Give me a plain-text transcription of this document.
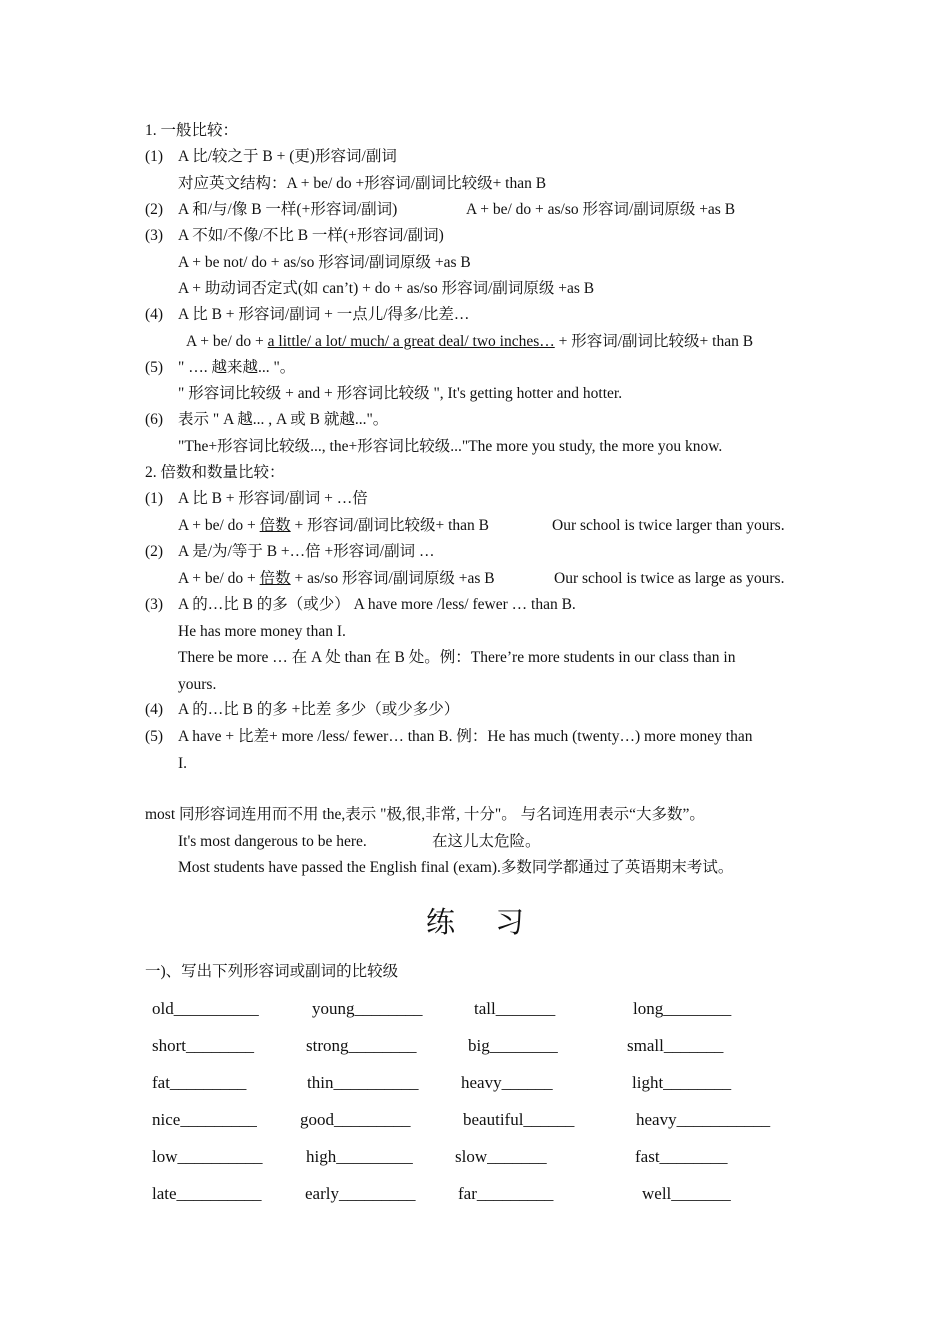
1. 一般比较：
(1) A 比/较之于 B + (更)形容词/副词
对应英文结构：A + be/ do +形容词/副词比较级+ than B
(2) A 和/与/像 B 一样(+形容词/副词)	A + be/ do + as/so 形容词/副词原级 +as B
(3) A 不如/不像/不比 B 一样(+形容词/副词)
A + be not/ do + as/so 形容词/副词原级 +as B
A + 助动词否定式(如 can’t) + do + as/so 形容词/副词原级 +as B
(4) A 比 B + 形容词/副词 + 一点儿/得多/比差…
A + be/ do + a little/ a lot/ much/ a great deal/ two inches… + 形容词/副词比较级+ than B
(5) " …. 越来越... "。
" 形容词比较级 + and + 形容词比较级 ", It's getting hotter and hotter.
(6) 表示 " A 越... , A 或 B 就越..."。
"The+形容词比较级..., the+形容词比较级..."The more you study, the more you know.
2. 倍数和数量比较：
(1) A 比 B + 形容词/副词 + …倍
A + be/ do + 倍数 + 形容词/副词比较级+ than B	Our school is twice larger than yours.
(2) A 是/为/等于 B +…倍 +形容词/副词 …
A + be/ do + 倍数 + as/so 形容词/副词原级 +as B	Our school is twice as large as yours.
(3) A 的…比 B 的多（或少） A have more /less/ fewer … than B.
He has more money than I.
There be more … 在 A 处 than 在 B 处。例：There’re more students in our class than in
yours.
(4) A 的…比 B 的多 +比差 多少（或少多少）
(5) A have + 比差+ more /less/ fewer… than B. 例：He has much (twenty…) more money than
I.
most 同形容词连用而不用 the,表示 "极,很,非常, 十分"。 与名词连用表示“大多数”。
It's most dangerous to be here.	在这儿太危险。
Most students have passed the English final (exam).多数同学都通过了英语期末考试。
练习
一)、写出下列形容词或副词的比较级
old__________	young________	tall_______	long________
short________	strong________	big________	small_______
fat_________	thin__________	heavy______	light________
nice_________	good_________	beautiful______	heavy___________
low__________	high_________ slow_______	fast________
late__________	early_________	far_________	well_______
